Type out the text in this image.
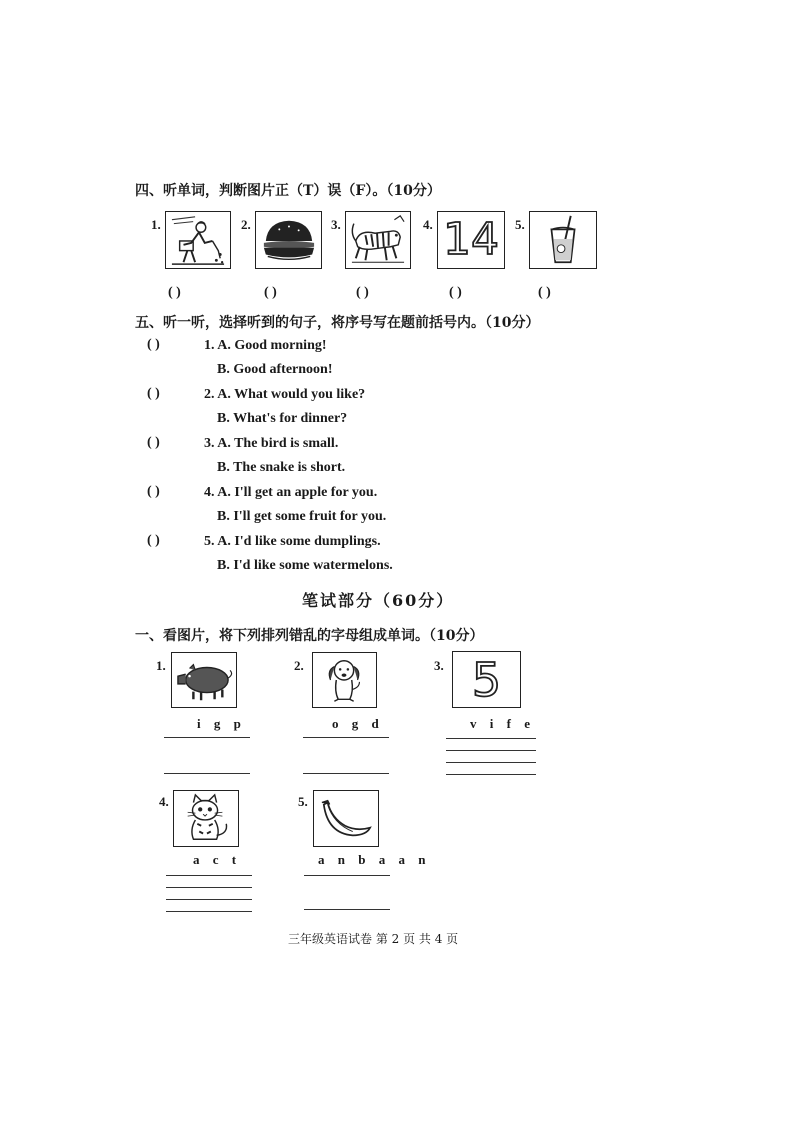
四、听单词，判断图片正（T）误（F）。（10分）
1.
( )
2.
( )
3.
( )
4. 14
( )
5.
( )
五、听一听，选择听到的句子，将序号写在题前括号内。（10分）
( )	1. A. Good morning!
B. Good afternoon!
( )	2. A. What would you like?
B. What's for dinner?
( )	3. A. The bird is small.
B. The snake is short.
( )	4. A. I'll get an apple for you.
B. I'll get some fruit for you.
( )	5. A. I'd like some dumplings.
B. I'd like some watermelons.
笔试部分（60分）
一、看图片，将下列排列错乱的字母组成单词。（10分）
1.
i g p
2.
o g d
3. 5
v i f e
4.
a c t
5.
a n b a a n
三年级英语试卷 第 2 页 共 4 页
